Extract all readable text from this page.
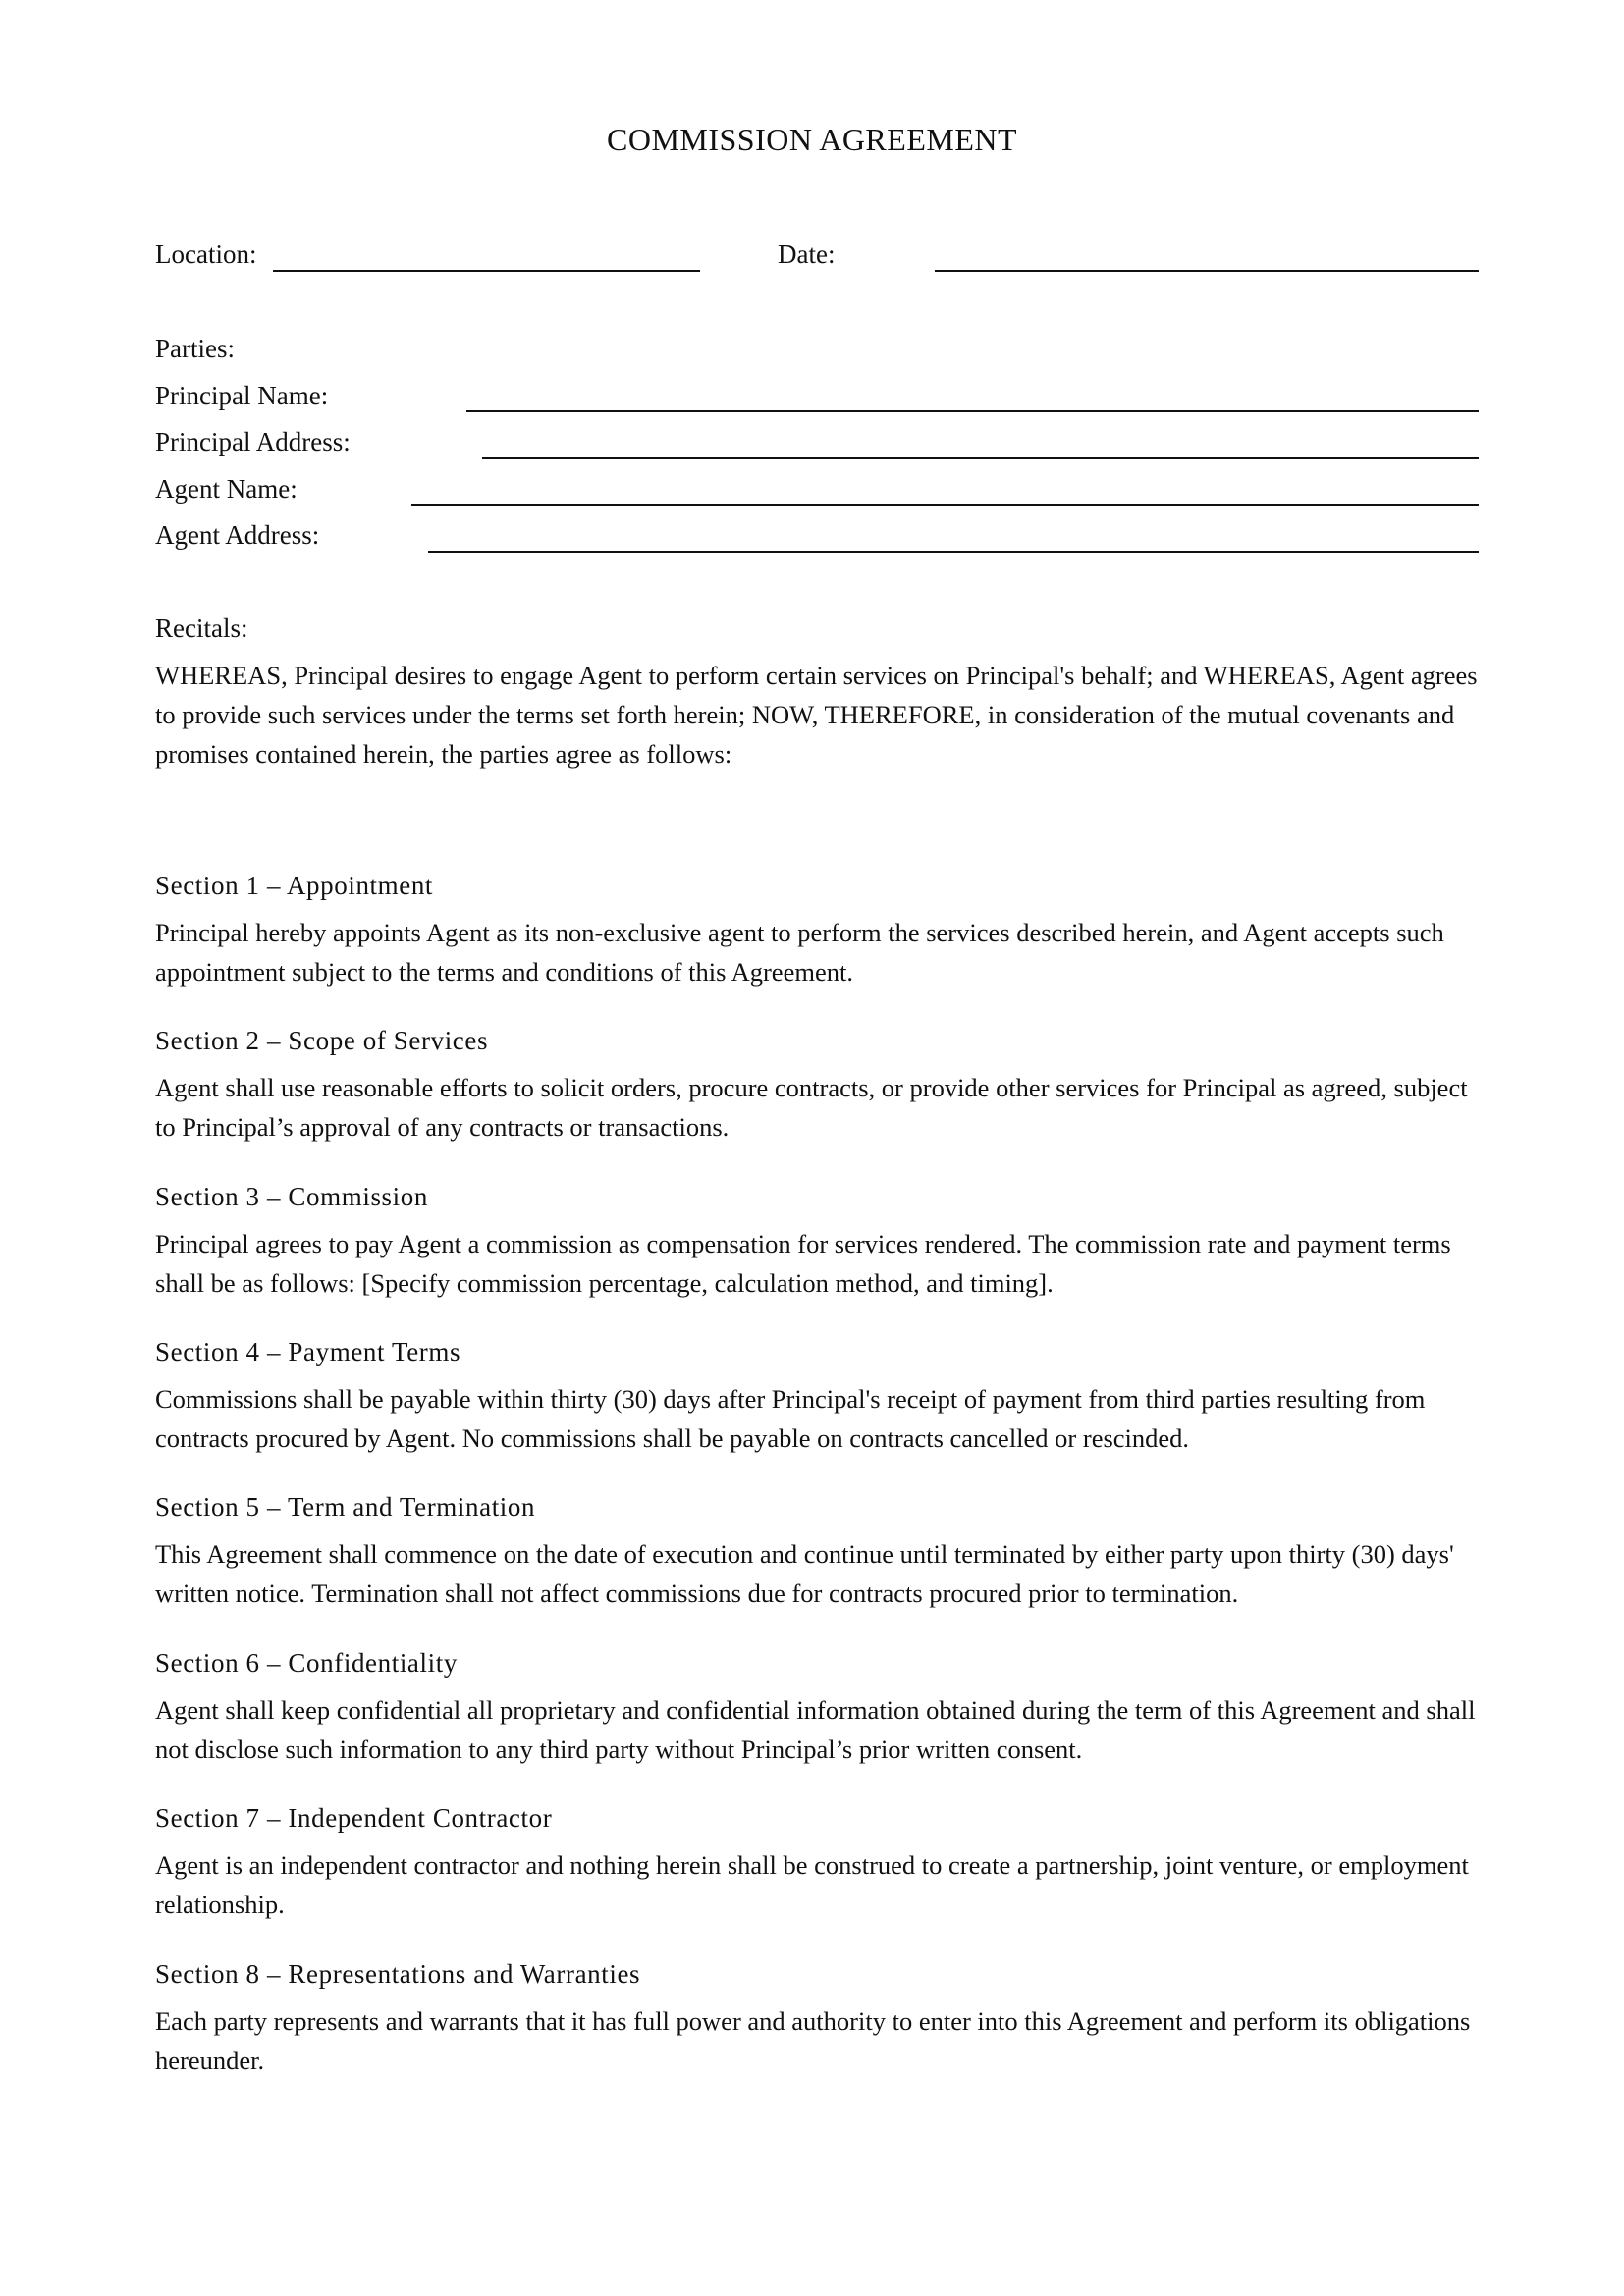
COMMISSION AGREEMENT
Location:	Date:
Parties:
Principal Name:
Principal Address:
Agent Name:
Agent Address:
Recitals:
WHEREAS, Principal desires to engage Agent to perform certain services on Principal's behalf; and WHEREAS, Agent agrees to provide such services under the terms set forth herein; NOW, THEREFORE, in consideration of the mutual covenants and promises contained herein, the parties agree as follows:
Section 1 – Appointment
Principal hereby appoints Agent as its non-exclusive agent to perform the services described herein, and Agent accepts such appointment subject to the terms and conditions of this Agreement.
Section 2 – Scope of Services
Agent shall use reasonable efforts to solicit orders, procure contracts, or provide other services for Principal as agreed, subject to Principal’s approval of any contracts or transactions.
Section 3 – Commission
Principal agrees to pay Agent a commission as compensation for services rendered. The commission rate and payment terms shall be as follows: [Specify commission percentage, calculation method, and timing].
Section 4 – Payment Terms
Commissions shall be payable within thirty (30) days after Principal's receipt of payment from third parties resulting from contracts procured by Agent. No commissions shall be payable on contracts cancelled or rescinded.
Section 5 – Term and Termination
This Agreement shall commence on the date of execution and continue until terminated by either party upon thirty (30) days' written notice. Termination shall not affect commissions due for contracts procured prior to termination.
Section 6 – Confidentiality
Agent shall keep confidential all proprietary and confidential information obtained during the term of this Agreement and shall not disclose such information to any third party without Principal’s prior written consent.
Section 7 – Independent Contractor
Agent is an independent contractor and nothing herein shall be construed to create a partnership, joint venture, or employment relationship.
Section 8 – Representations and Warranties
Each party represents and warrants that it has full power and authority to enter into this Agreement and perform its obligations hereunder.
